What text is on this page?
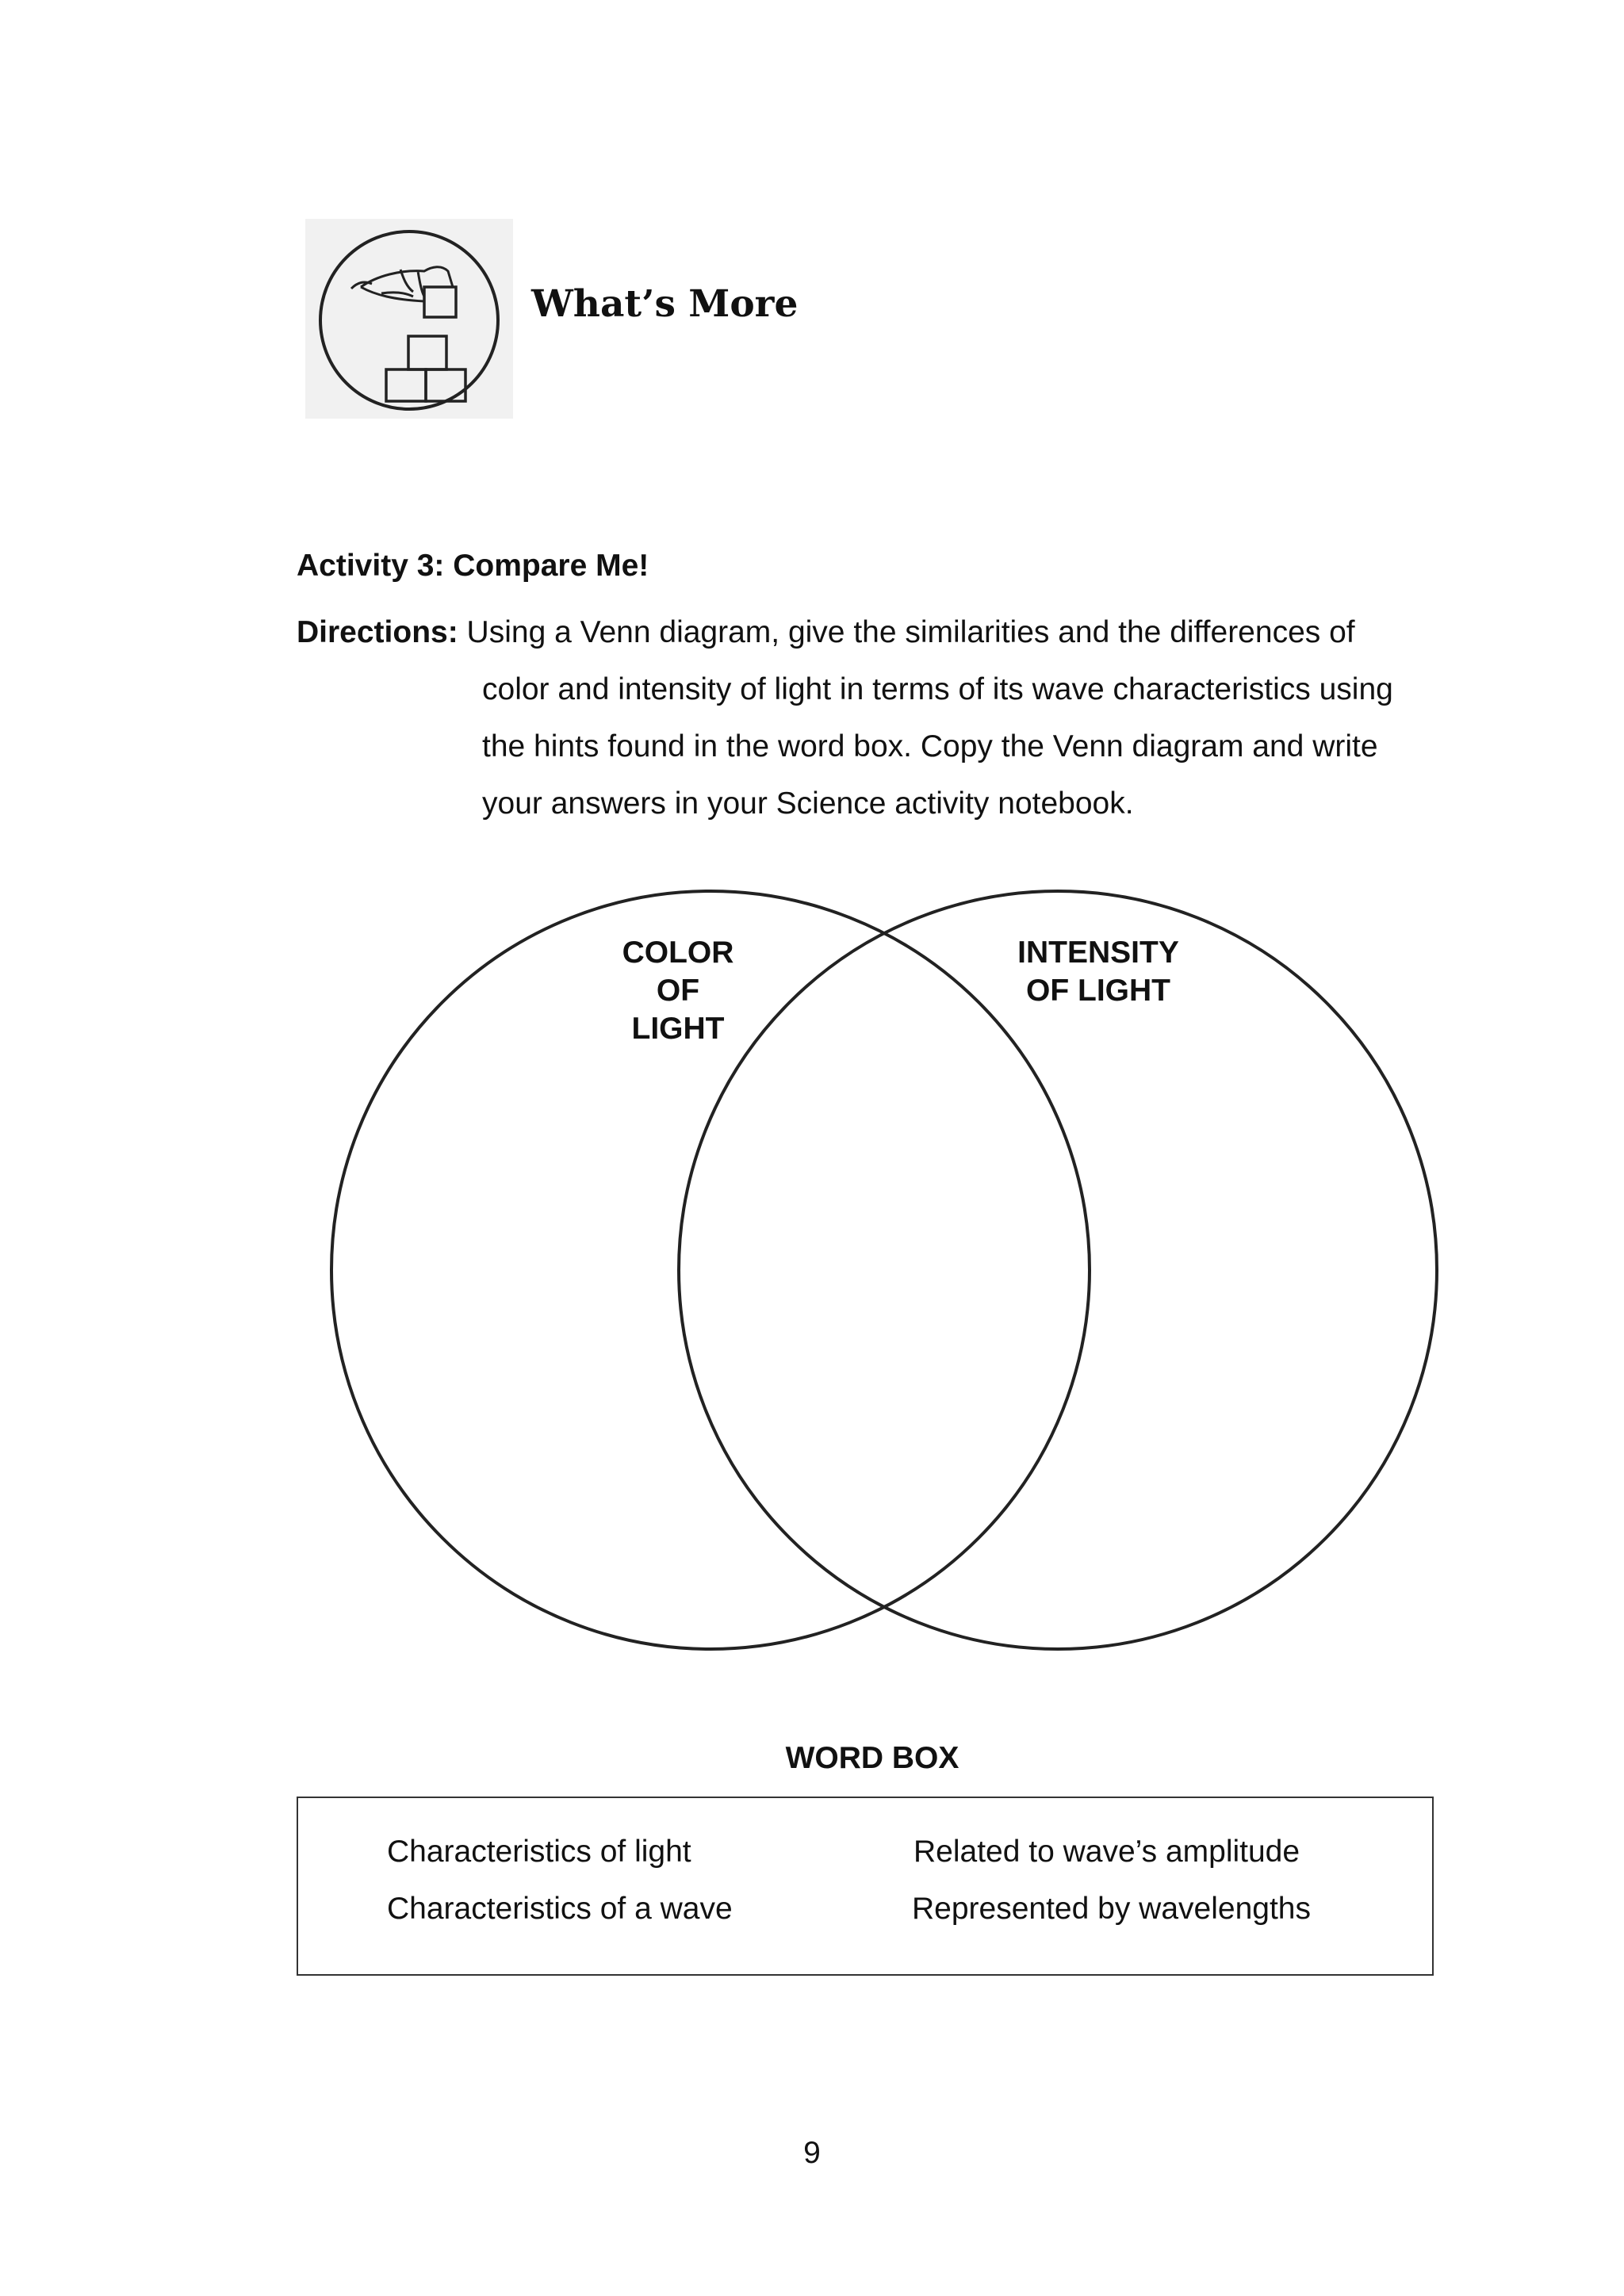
What’s More
Activity 3: Compare Me!
Directions: Using a Venn diagram, give the similarities and the differences of
color and intensity of light in terms of its wave characteristics using
the hints found in the word box. Copy the Venn diagram and write
your answers in your Science activity notebook.
COLOR
OF
LIGHT
INTENSITY
OF LIGHT
WORD BOX
Characteristics of light	Related to wave’s amplitude
Characteristics of a wave	Represented by wavelengths
9
